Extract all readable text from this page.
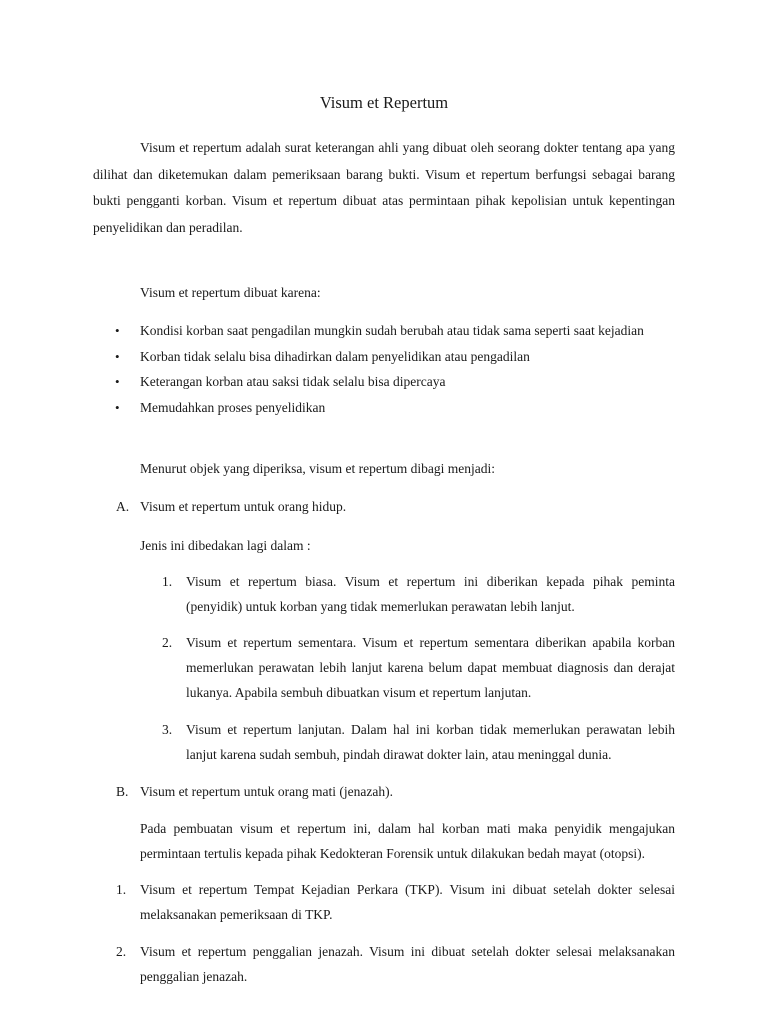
Visum et Repertum

Visum et repertum adalah surat keterangan ahli yang dibuat oleh seorang dokter tentang apa yang dilihat dan diketemukan dalam pemeriksaan barang bukti. Visum et repertum berfungsi sebagai barang bukti pengganti korban. Visum et repertum dibuat atas permintaan pihak kepolisian untuk kepentingan penyelidikan dan peradilan.

Visum et repertum dibuat karena:
• Kondisi korban saat pengadilan mungkin sudah berubah atau tidak sama seperti saat kejadian
• Korban tidak selalu bisa dihadirkan dalam penyelidikan atau pengadilan
• Keterangan korban atau saksi tidak selalu bisa dipercaya
• Memudahkan proses penyelidikan
Menurut objek yang diperiksa, visum et repertum dibagi menjadi:
A. Visum et repertum untuk orang hidup.
Jenis ini dibedakan lagi dalam :
1. Visum et repertum biasa. Visum et repertum ini diberikan kepada pihak peminta (penyidik) untuk korban yang tidak memerlukan perawatan lebih lanjut.

2. Visum et repertum sementara. Visum et repertum sementara diberikan apabila korban memerlukan perawatan lebih lanjut karena belum dapat membuat diagnosis dan derajat lukanya. Apabila sembuh dibuatkan visum et repertum lanjutan.

3. Visum et repertum lanjutan. Dalam hal ini korban tidak memerlukan perawatan lebih lanjut karena sudah sembuh, pindah dirawat dokter lain, atau meninggal dunia.

B. Visum et repertum untuk orang mati (jenazah).

Pada pembuatan visum et repertum ini, dalam hal korban mati maka penyidik mengajukan permintaan tertulis kepada pihak Kedokteran Forensik untuk dilakukan bedah mayat (otopsi).

1. Visum et repertum Tempat Kejadian Perkara (TKP). Visum ini dibuat setelah dokter selesai melaksanakan pemeriksaan di TKP.

2. Visum et repertum penggalian jenazah. Visum ini dibuat setelah dokter selesai melaksanakan penggalian jenazah.
